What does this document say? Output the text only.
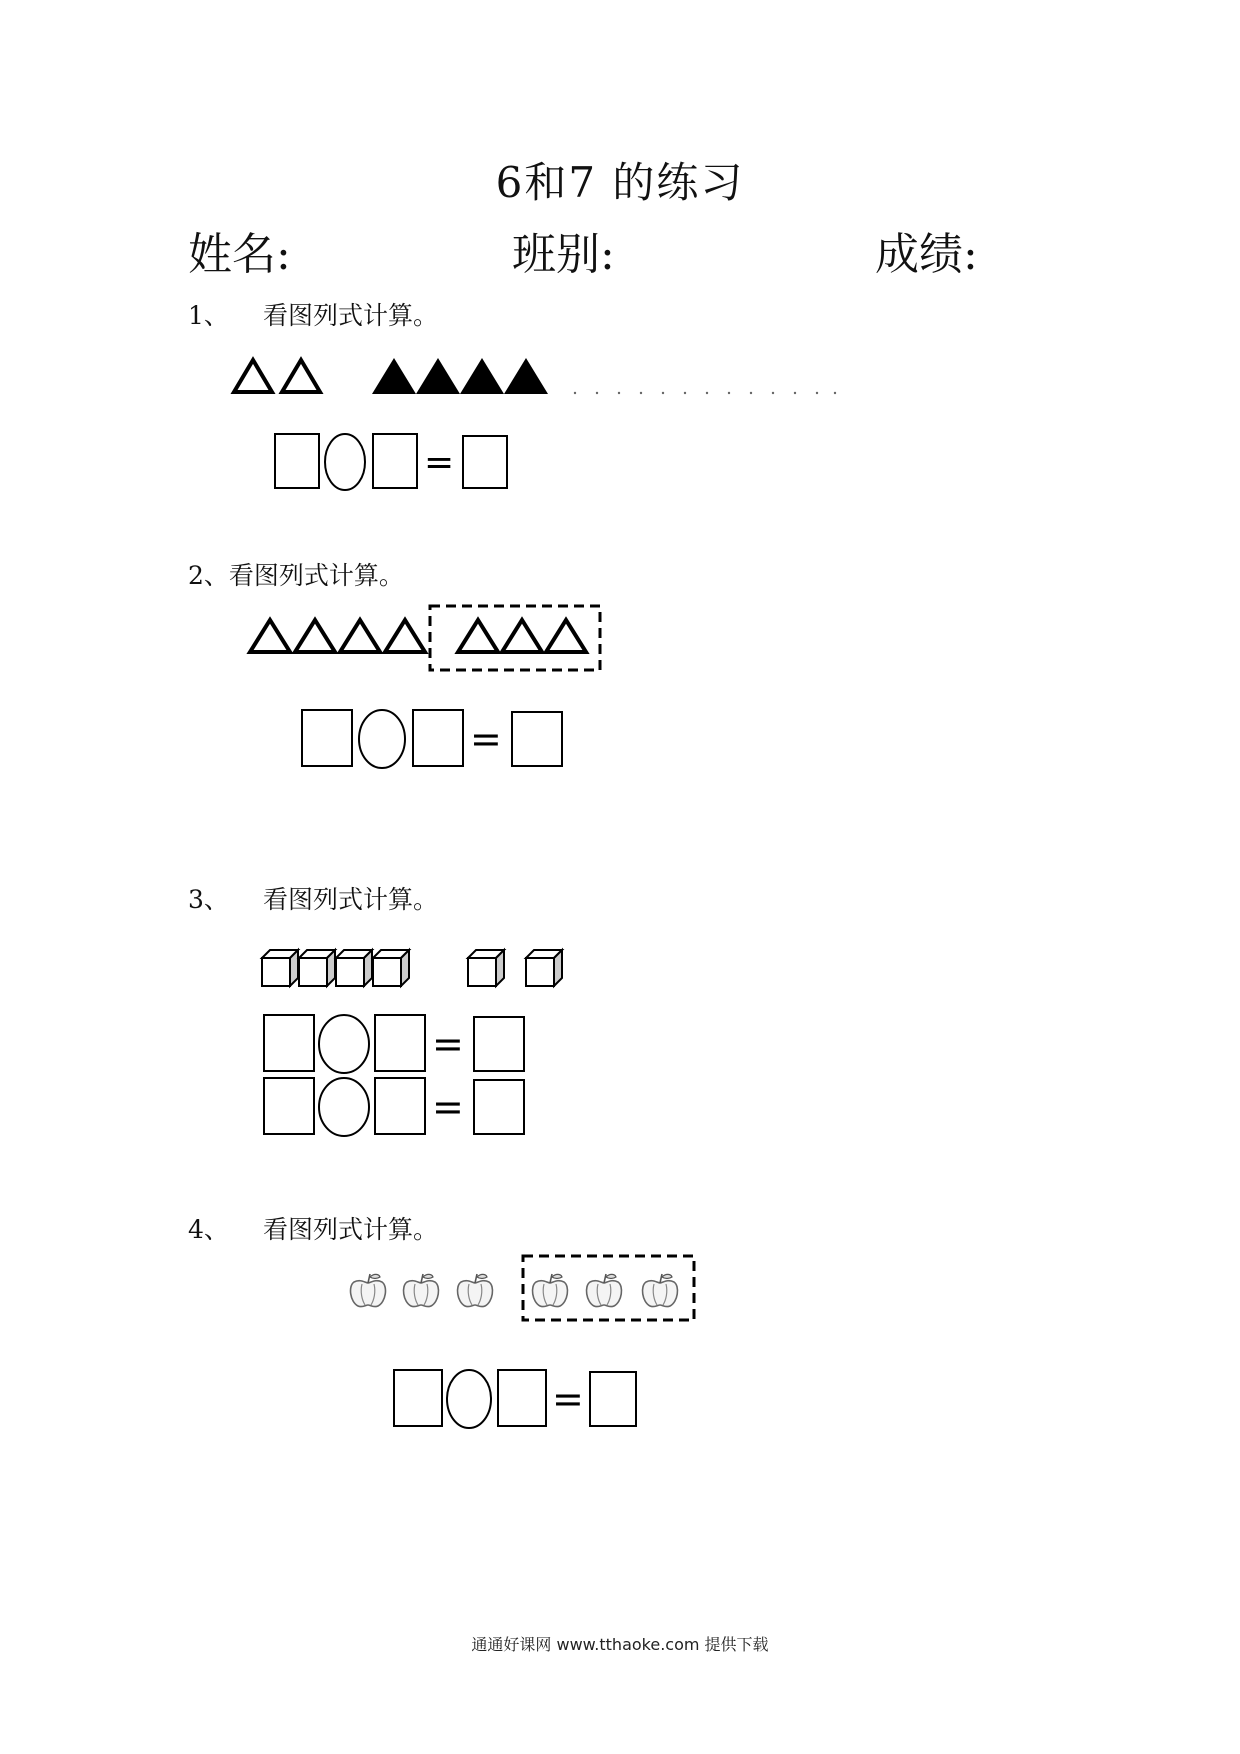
6和7 的练习
姓名:	班别:	成绩:
1、 看图列式计算。
=
2、看图列式计算。
=
3、 看图列式计算。
=
=
4、 看图列式计算。
=
通通好课网 www.tthaoke.com 提供下载
